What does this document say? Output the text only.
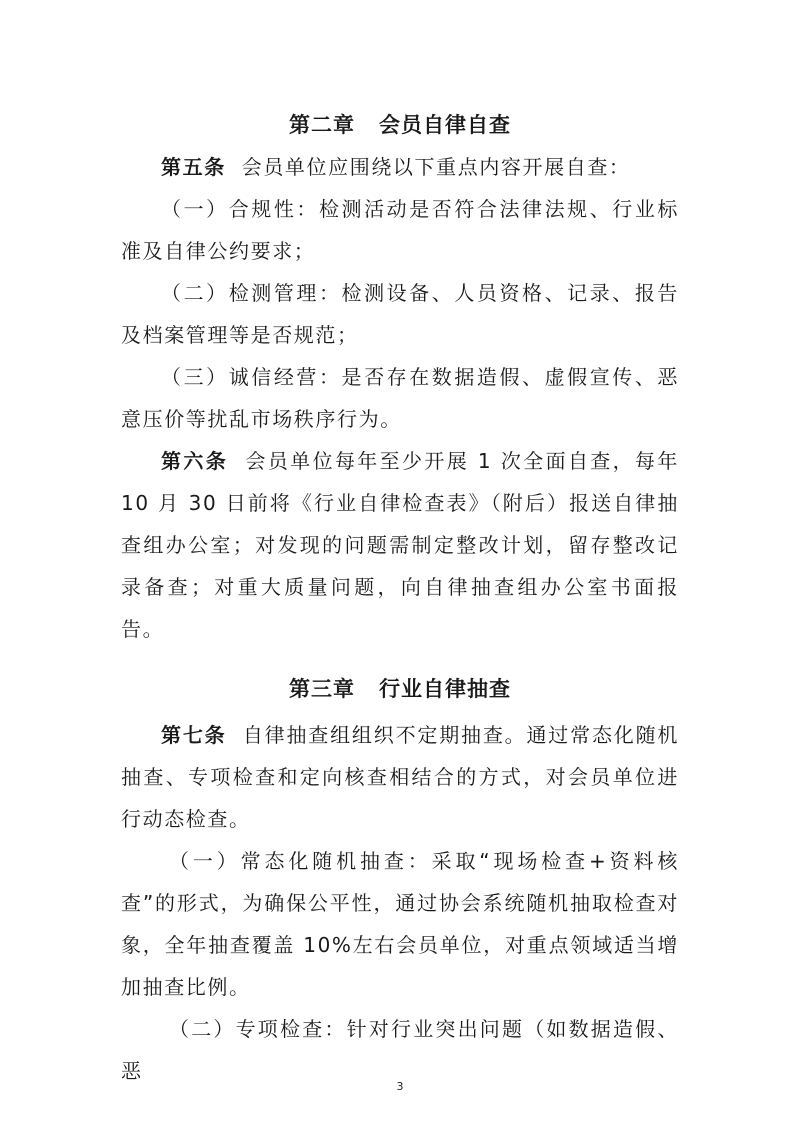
第二章 会员自律自查

第五条 会员单位应围绕以下重点内容开展自查：

（一）合规性：检测活动是否符合法律法规、行业标准及自律公约要求；

（二）检测管理：检测设备、人员资格、记录、报告及档案管理等是否规范；

（三）诚信经营：是否存在数据造假、虚假宣传、恶意压价等扰乱市场秩序行为。

第六条 会员单位每年至少开展 1 次全面自查，每年 10 月 30 日前将《行业自律检查表》（附后）报送自律抽查组办公室；对发现的问题需制定整改计划，留存整改记录备查；对重大质量问题，向自律抽查组办公室书面报告。

第三章 行业自律抽查

第七条 自律抽查组组织不定期抽查。通过常态化随机抽查、专项检查和定向核查相结合的方式，对会员单位进行动态检查。

（一）常态化随机抽查：采取“现场检查+资料核查”的形式，为确保公平性，通过协会系统随机抽取检查对象，全年抽查覆盖 10%左右会员单位，对重点领域适当增加抽查比例。

（二）专项检查：针对行业突出问题（如数据造假、恶

3
